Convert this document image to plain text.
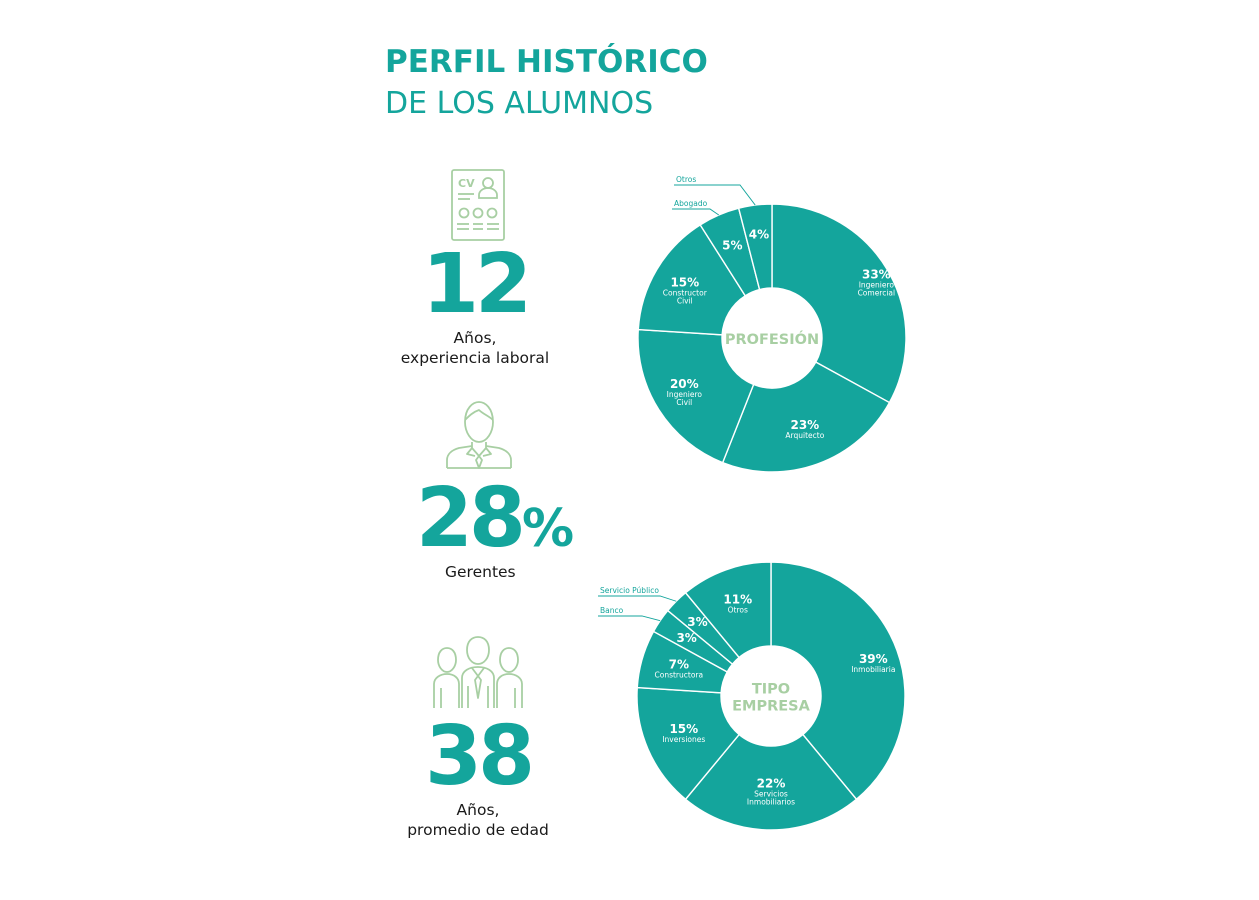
PERFIL HISTÓRICO
DE LOS ALUMNOS
CV
12
Años,
experiencia laboral
28%
Gerentes
38
Años,
promedio de edad
33%
Ingeniero
Comercial
23%
Arquitecto
20%
Ingeniero
Civil
15%
Constructor
Civil
5%
4%
PROFESIÓN
Otros
Abogado
39%
Inmobiliaria
22%
Servicios
Inmobiliarios
15%
Inversiones
7%
Constructora
3%
3%
11%
Otros
TIPO
EMPRESA
Servicio Público
Banco
